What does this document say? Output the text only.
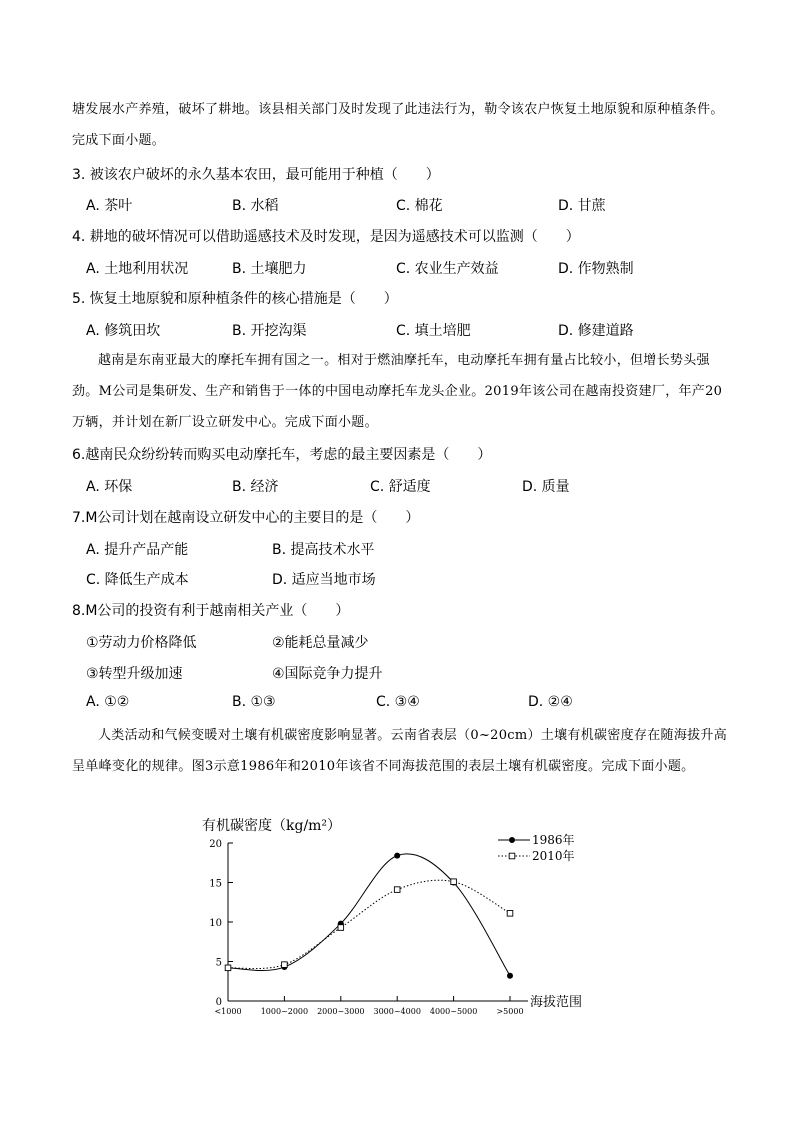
塘发展水产养殖，破坏了耕地。该县相关部门及时发现了此违法行为，勒令该农户恢复土地原貌和原种植条件。完成下面小题。
3. 被该农户破坏的永久基本农田，最可能用于种植（　　）
A. 茶叶	B. 水稻	C. 棉花	D. 甘蔗
4. 耕地的破坏情况可以借助遥感技术及时发现，是因为遥感技术可以监测（　　）
A. 土地利用状况	B. 土壤肥力	C. 农业生产效益	D. 作物熟制
5. 恢复土地原貌和原种植条件的核心措施是（　　）
A. 修筑田坎	B. 开挖沟渠	C. 填土培肥	D. 修建道路
越南是东南亚最大的摩托车拥有国之一。相对于燃油摩托车，电动摩托车拥有量占比较小，但增长势头强劲。M公司是集研发、生产和销售于一体的中国电动摩托车龙头企业。2019年该公司在越南投资建厂，年产20万辆，并计划在新厂设立研发中心。完成下面小题。
6.越南民众纷纷转而购买电动摩托车，考虑的最主要因素是（　　）
A. 环保	B. 经济	C. 舒适度	D. 质量
7.M公司计划在越南设立研发中心的主要目的是（　　）
A. 提升产品产能	B. 提高技术水平
C. 降低生产成本	D. 适应当地市场
8.M公司的投资有利于越南相关产业（　　）
①劳动力价格降低	②能耗总量减少
③转型升级加速	④国际竞争力提升
A. ①②	B. ①③	C. ③④	D. ②④
人类活动和气候变暖对土壤有机碳密度影响显著。云南省表层（0~20cm）土壤有机碳密度存在随海拔升高呈单峰变化的规律。图3示意1986年和2010年该省不同海拔范围的表层土壤有机碳密度。完成下面小题。
有机碳密度（kg/m²）
海拔范围
0
5
10
15
20
<1000 1000~2000 2000~3000 3000~4000 4000~5000 >5000
1986年
2010年
